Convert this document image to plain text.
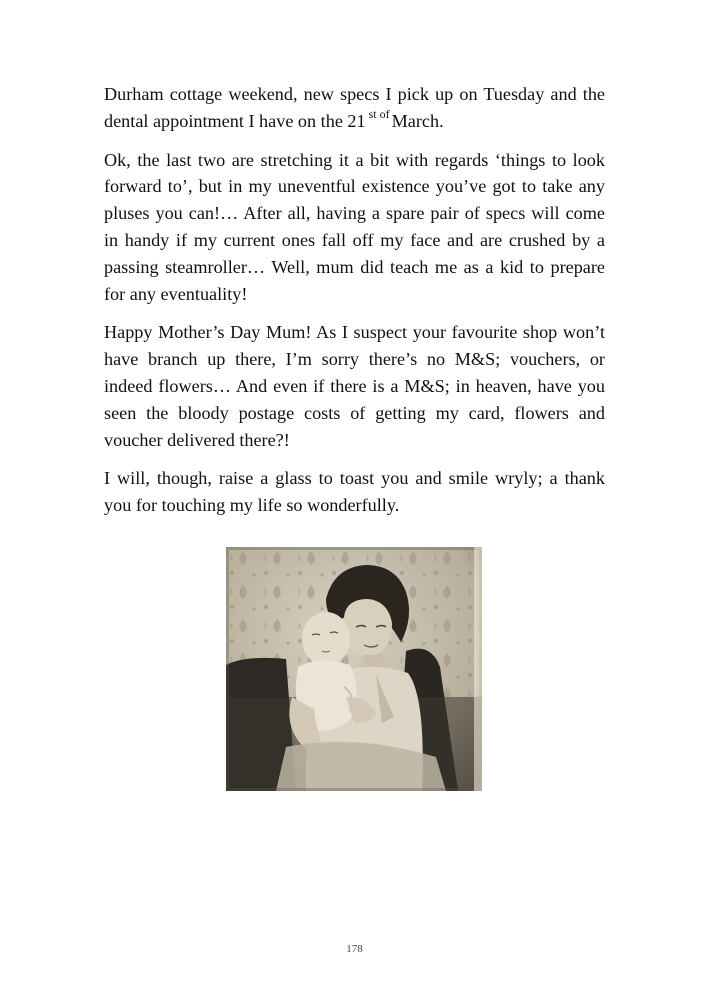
Durham cottage weekend, new specs I pick up on Tuesday and the dental appointment I have on the 21 $^{st of}$ March.

Ok, the last two are stretching it a bit with regards ‘things to look forward to’, but in my uneventful existence you’ve got to take any pluses you can!… After all, having a spare pair of specs will come in handy if my current ones fall off my face and are crushed by a passing steamroller… Well, mum did teach me as a kid to prepare for any eventuality!

Happy Mother’s Day Mum! As I suspect your favourite shop won’t have branch up there, I’m sorry there’s no M&S; vouchers, or indeed flowers… And even if there is a M&S; in heaven, have you seen the bloody postage costs of getting my card, flowers and voucher delivered there?!

I will, though, raise a glass to toast you and smile wryly; a thank you for touching my life so wonderfully.

178
